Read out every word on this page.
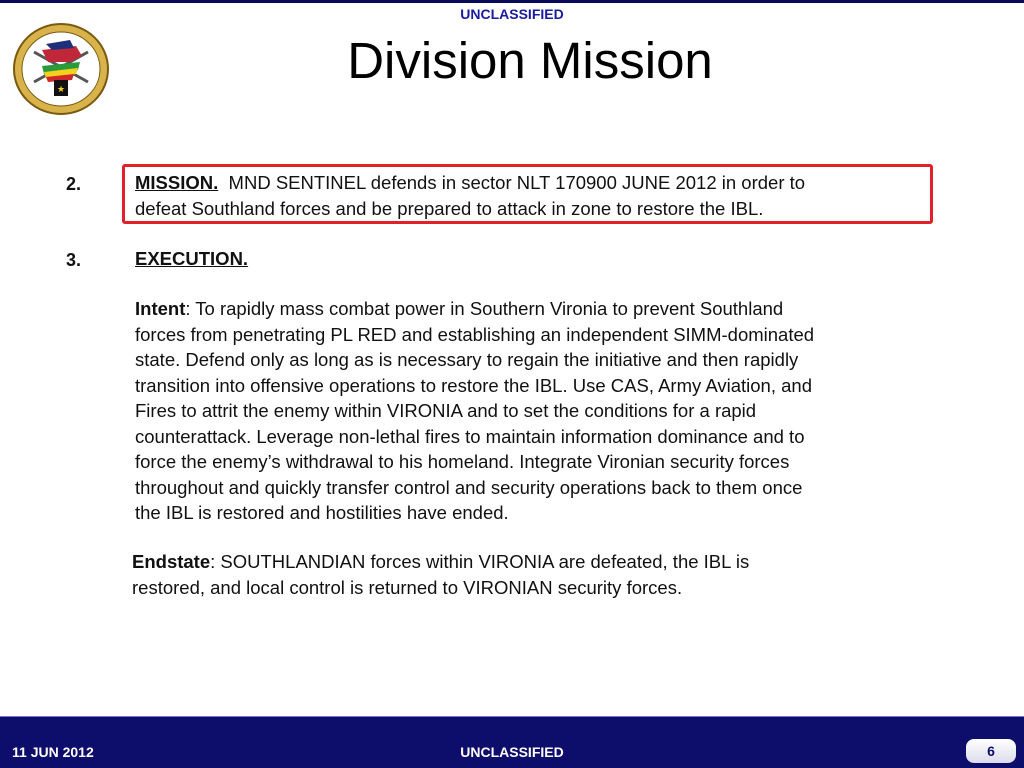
UNCLASSIFIED
★
Division Mission
2.	MISSION. MND SENTINEL defends in sector NLT 170900 JUNE 2012 in order to
defeat Southland forces and be prepared to attack in zone to restore the IBL.
3.	EXECUTION.
Intent: To rapidly mass combat power in Southern Vironia to prevent Southland
forces from penetrating PL RED and establishing an independent SIMM-dominated
state. Defend only as long as is necessary to regain the initiative and then rapidly
transition into offensive operations to restore the IBL. Use CAS, Army Aviation, and
Fires to attrit the enemy within VIRONIA and to set the conditions for a rapid
counterattack. Leverage non-lethal fires to maintain information dominance and to
force the enemy’s withdrawal to his homeland. Integrate Vironian security forces
throughout and quickly transfer control and security operations back to them once
the IBL is restored and hostilities have ended.
Endstate: SOUTHLANDIAN forces within VIRONIA are defeated, the IBL is
restored, and local control is returned to VIRONIAN security forces.
11 JUN 2012	UNCLASSIFIED	6
